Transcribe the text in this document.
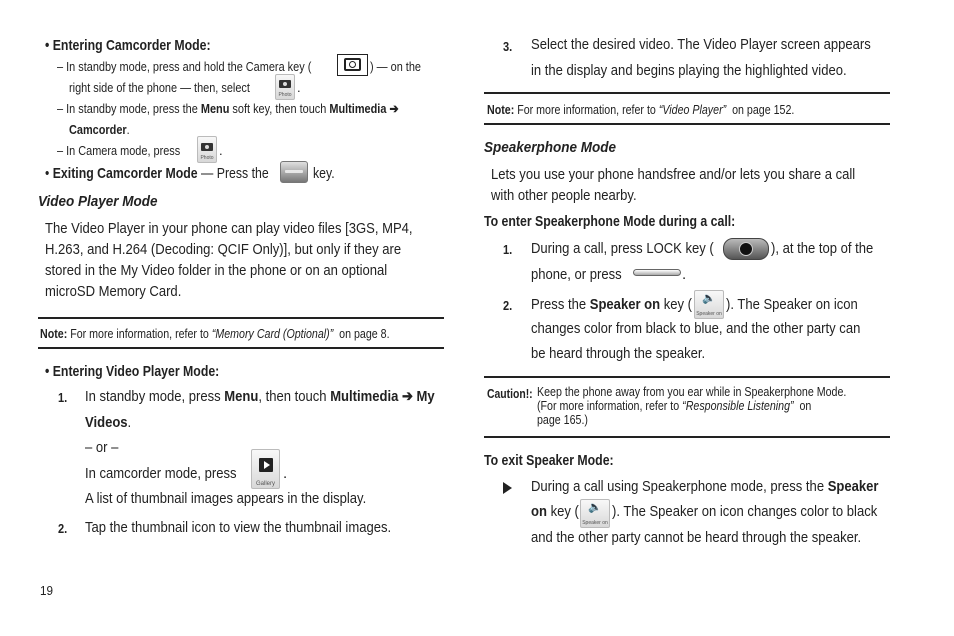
• Entering Camcorder Mode:
– In standby mode, press and hold the Camera key (	) — on the
right side of the phone — then, select	Photo .
– In standby mode, press the Menu soft key, then touch Multimedia ➔
Camcorder.
– In Camera mode, press	Photo .
• Exiting Camcorder Mode — Press the	key.
Video Player Mode
The Video Player in your phone can play video files [3GS, MP4,
H.263, and H.264 (Decoding: QCIF Only)], but only if they are
stored in the My Video folder in the phone or on an optional
microSD Memory Card.
Note: For more information, refer to “Memory Card (Optional)” on page 8.
• Entering Video Player Mode:
1. In standby mode, press Menu, then touch Multimedia ➔ My
Videos.
– or –
In camcorder mode, press
Gallery
.
A list of thumbnail images appears in the display.
2. Tap the thumbnail icon to view the thumbnail images.
19
3. Select the desired video. The Video Player screen appears
in the display and begins playing the highlighted video.
Note: For more information, refer to “Video Player” on page 152.
Speakerphone Mode
Lets you use your phone handsfree and/or lets you share a call
with other people nearby.
To enter Speakerphone Mode during a call:
1. During a call, press LOCK key (	), at the top of the
phone, or press	.
2. Press the Speaker on key ( 🔈
Speaker on
). The Speaker on icon
changes color from black to blue, and the other party can
be heard through the speaker.
Caution!: Keep the phone away from you ear while in Speakerphone Mode.
(For more information, refer to “Responsible Listening” on
page 165.)
To exit Speaker Mode:
During a call using Speakerphone mode, press the Speaker
on key ( 🔈
Speaker on
). The Speaker on icon changes color to black
and the other party cannot be heard through the speaker.
